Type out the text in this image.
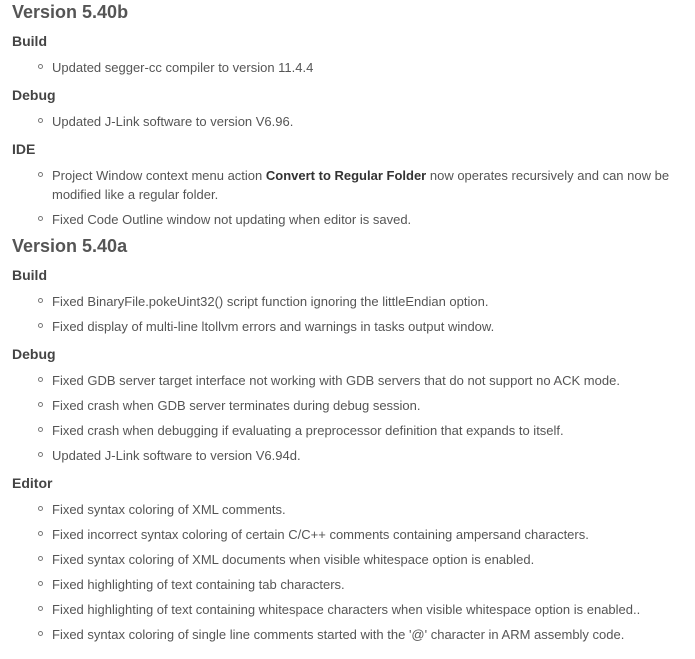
Version 5.40b
Build
Updated segger-cc compiler to version 11.4.4
Debug
Updated J-Link software to version V6.96.
IDE
Project Window context menu action Convert to Regular Folder now operates recursively and can now be modified like a regular folder.
Fixed Code Outline window not updating when editor is saved.
Version 5.40a
Build
Fixed BinaryFile.pokeUint32() script function ignoring the littleEndian option.
Fixed display of multi-line ltollvm errors and warnings in tasks output window.
Debug
Fixed GDB server target interface not working with GDB servers that do not support no ACK mode.
Fixed crash when GDB server terminates during debug session.
Fixed crash when debugging if evaluating a preprocessor definition that expands to itself.
Updated J-Link software to version V6.94d.
Editor
Fixed syntax coloring of XML comments.
Fixed incorrect syntax coloring of certain C/C++ comments containing ampersand characters.
Fixed syntax coloring of XML documents when visible whitespace option is enabled.
Fixed highlighting of text containing tab characters.
Fixed highlighting of text containing whitespace characters when visible whitespace option is enabled..
Fixed syntax coloring of single line comments started with the '@' character in ARM assembly code.
